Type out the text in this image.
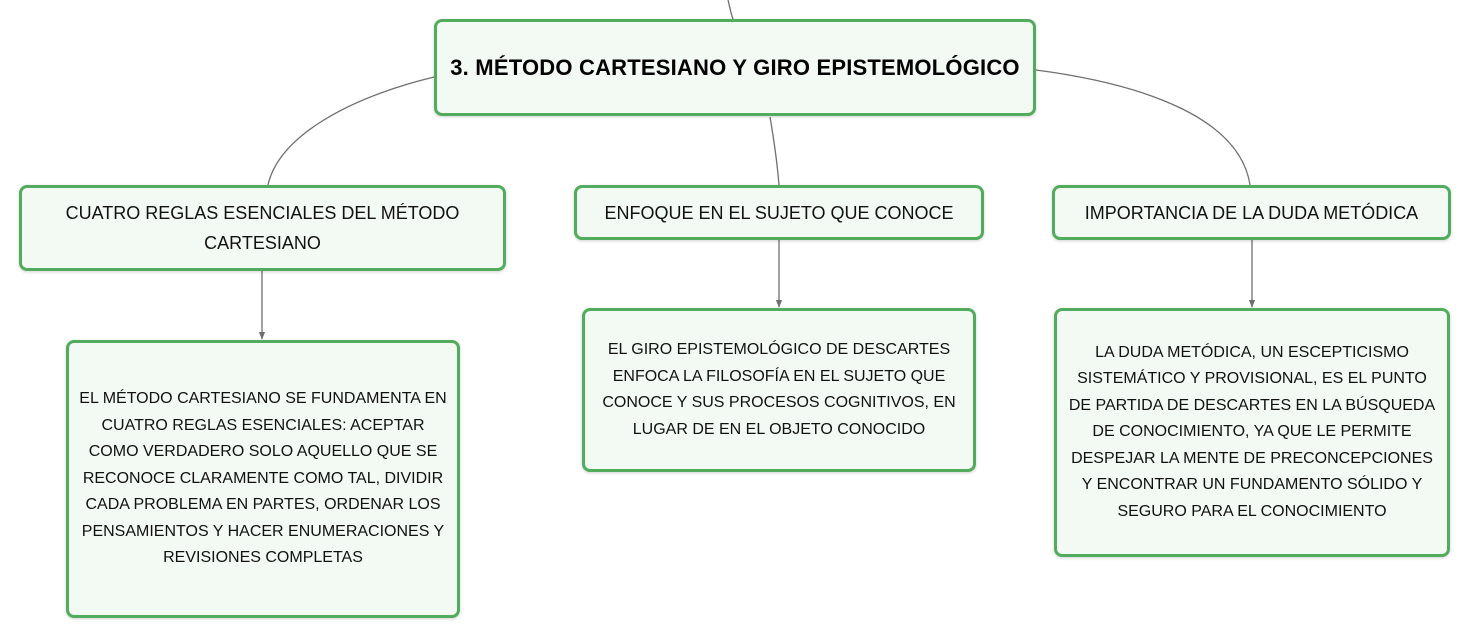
3. MÉTODO CARTESIANO Y GIRO EPISTEMOLÓGICO
CUATRO REGLAS ESENCIALES DEL MÉTODO CARTESIANO
ENFOQUE EN EL SUJETO QUE CONOCE	IMPORTANCIA DE LA DUDA METÓDICA
EL MÉTODO CARTESIANO SE FUNDAMENTA EN CUATRO REGLAS ESENCIALES: ACEPTAR COMO VERDADERO SOLO AQUELLO QUE SE RECONOCE CLARAMENTE COMO TAL, DIVIDIR CADA PROBLEMA EN PARTES, ORDENAR LOS PENSAMIENTOS Y HACER ENUMERACIONES Y REVISIONES COMPLETAS
EL GIRO EPISTEMOLÓGICO DE DESCARTES ENFOCA LA FILOSOFÍA EN EL SUJETO QUE CONOCE Y SUS PROCESOS COGNITIVOS, EN LUGAR DE EN EL OBJETO CONOCIDO
LA DUDA METÓDICA, UN ESCEPTICISMO SISTEMÁTICO Y PROVISIONAL, ES EL PUNTO DE PARTIDA DE DESCARTES EN LA BÚSQUEDA DE CONOCIMIENTO, YA QUE LE PERMITE DESPEJAR LA MENTE DE PRECONCEPCIONES Y ENCONTRAR UN FUNDAMENTO SÓLIDO Y SEGURO PARA EL CONOCIMIENTO
